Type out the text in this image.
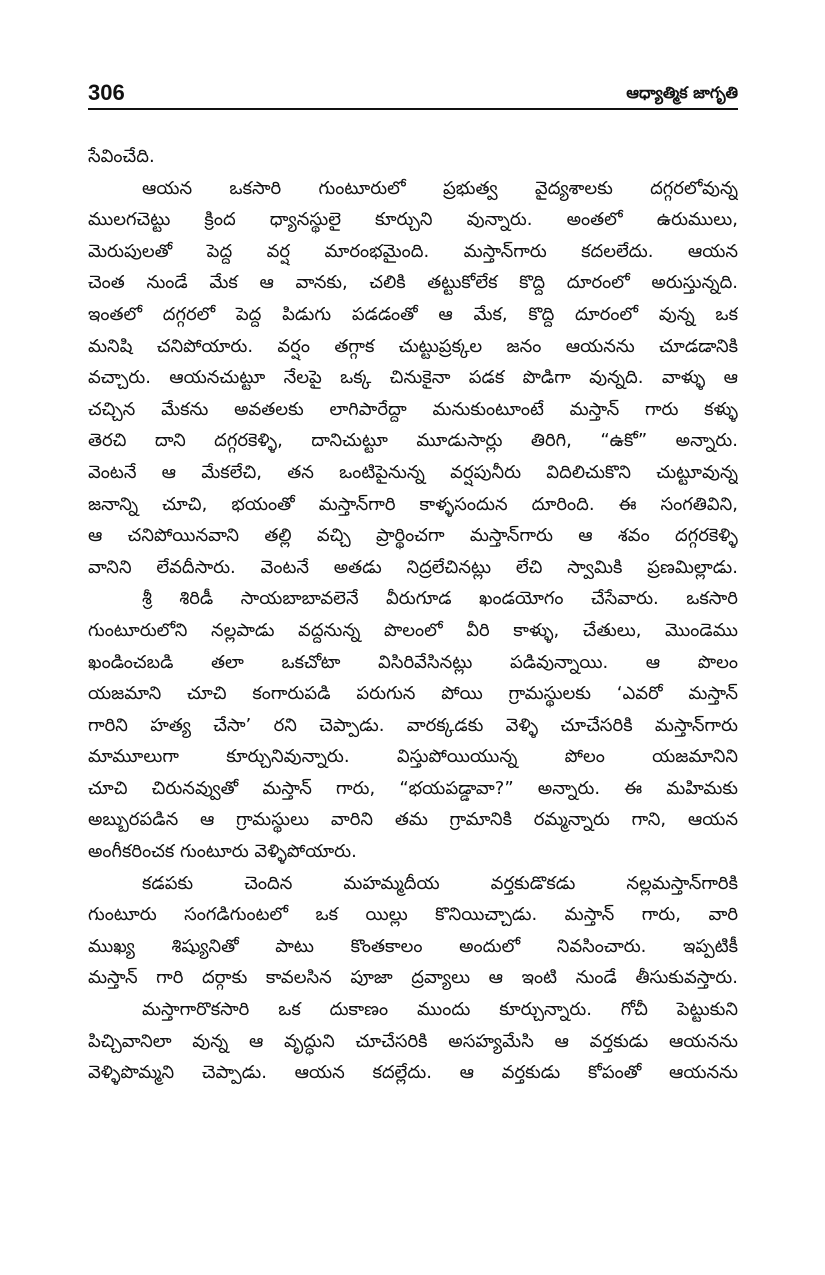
306	ఆధ్యాత్మిక జాగృతి
సేవించేది.
ఆయన ఒకసారి గుంటూరులో ప్రభుత్వ వైద్యశాలకు దగ్గరలోవున్న
ములగచెట్టు క్రింద ధ్యానస్థులై కూర్చుని వున్నారు. అంతలో ఉరుములు,
మెరుపులతో పెద్ద వర్ష మారంభమైంది. మస్తాన్‌గారు కదలలేదు. ఆయన
చెంత నుండే మేక ఆ వానకు, చలికి తట్టుకోలేక కొద్ది దూరంలో అరుస్తున్నది.
ఇంతలో దగ్గరలో పెద్ద పిడుగు పడడంతో ఆ మేక, కొద్ది దూరంలో వున్న ఒక
మనిషి చనిపోయారు. వర్షం తగ్గాక చుట్టుప్రక్కల జనం ఆయనను చూడడానికి
వచ్చారు. ఆయనచుట్టూ నేలపై ఒక్క చినుకైనా పడక పొడిగా వున్నది. వాళ్ళు ఆ
చచ్చిన మేకను అవతలకు లాగిపారేద్దా మనుకుంటూంటే మస్తాన్ గారు కళ్ళు
తెరచి దాని దగ్గరకెళ్ళి, దానిచుట్టూ మూడుసార్లు తిరిగి, “ఉకో” అన్నారు.
వెంటనే ఆ మేకలేచి, తన ఒంటిపైనున్న వర్షపునీరు విదిలిచుకొని చుట్టూవున్న
జనాన్ని చూచి, భయంతో మస్తాన్‌గారి కాళ్ళసందున దూరింది. ఈ సంగతివిని,
ఆ చనిపోయినవాని తల్లి వచ్చి ప్రార్థించగా మస్తాన్‌గారు ఆ శవం దగ్గరకెళ్ళి
వానిని లేవదీసారు. వెంటనే అతడు నిద్రలేచినట్లు లేచి స్వామికి ప్రణమిల్లాడు.
శ్రీ శిరిడీ సాయబాబావలెనే వీరుగూడ ఖండయోగం చేసేవారు. ఒకసారి
గుంటూరులోని నల్లపాడు వద్దనున్న పొలంలో వీరి కాళ్ళు, చేతులు, మొండెము
ఖండించబడి తలా ఒకచోటా విసిరివేసినట్లు పడివున్నాయి. ఆ పొలం
యజమాని చూచి కంగారుపడి పరుగున పోయి గ్రామస్థులకు ‘ఎవరో మస్తాన్
గారిని హత్య చేసా’ రని చెప్పాడు. వారక్కడకు వెళ్ళి చూచేసరికి మస్తాన్‌గారు
మామూలుగా కూర్చునివున్నారు. విస్తుపోయియున్న పోలం యజమానిని
చూచి చిరునవ్వుతో మస్తాన్ గారు, “భయపడ్డావా?” అన్నారు. ఈ మహిమకు
అబ్బురపడిన ఆ గ్రామస్థులు వారిని తమ గ్రామానికి రమ్మన్నారు గాని, ఆయన
అంగీకరించక గుంటూరు వెళ్ళిపోయారు.
కడపకు చెందిన మహమ్మదీయ వర్తకుడొకడు నల్లమస్తాన్‌గారికి
గుంటూరు సంగడిగుంటలో ఒక యిల్లు కొనియిచ్చాడు. మస్తాన్ గారు, వారి
ముఖ్య శిష్యునితో పాటు కొంతకాలం అందులో నివసించారు. ఇప్పటికీ
మస్తాన్ గారి దర్గాకు కావలసిన పూజా ద్రవ్యాలు ఆ ఇంటి నుండే తీసుకువస్తారు.
మస్తాగారొకసారి ఒక దుకాణం ముందు కూర్చున్నారు. గోచీ పెట్టుకుని
పిచ్చివానిలా వున్న ఆ వృద్ధుని చూచేసరికి అసహ్యమేసి ఆ వర్తకుడు ఆయనను
వెళ్ళిపొమ్మని చెప్పాడు. ఆయన కదల్లేదు. ఆ వర్తకుడు కోపంతో ఆయనను
